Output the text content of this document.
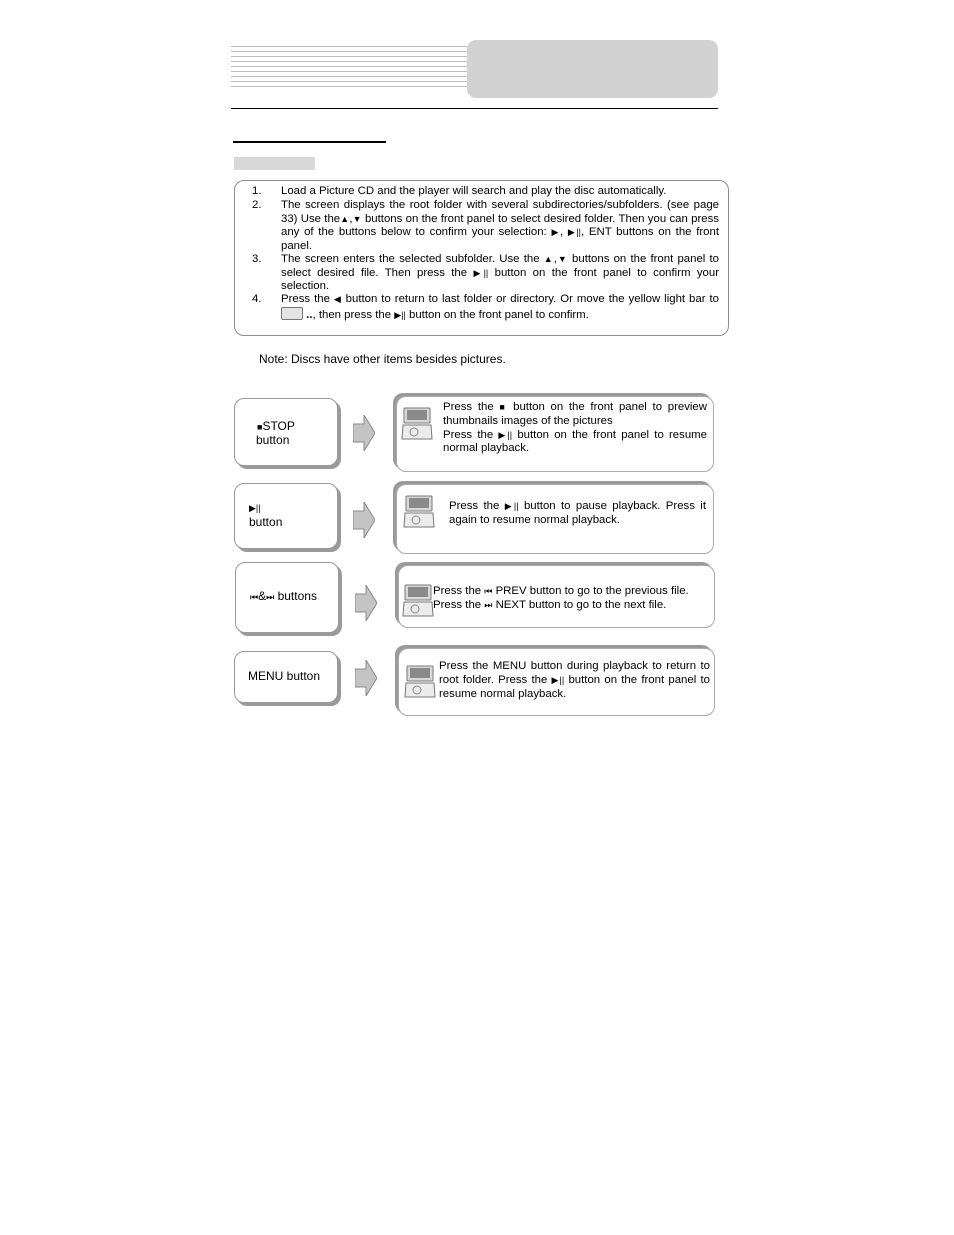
1.	Load a Picture CD and the player will search and play the disc automatically.
2.	The screen displays the root folder with several subdirectories/subfolders. (see page 33) Use the▲,▼ buttons on the front panel to select desired folder. Then you can press any of the buttons below to confirm your selection: ▶, ▶||, ENT buttons on the front panel.
3.	The screen enters the selected subfolder. Use the ▲,▼ buttons on the front panel to select desired file. Then press the ▶|| button on the front panel to confirm your selection.
4.	Press the ◀ button to return to last folder or directory. Or move the yellow light bar to .., then press the ▶|| button on the front panel to confirm.
Note: Discs have other items besides pictures.
■STOP
button
Press the ■ button on the front panel to preview thumbnails images of the pictures
Press the ▶|| button on the front panel to resume normal playback.
▶||
button
Press the ▶|| button to pause playback. Press it again to resume normal playback.
⏮&⏭ buttons	Press the ⏮ PREV button to go to the previous file.
Press the ⏭ NEXT button to go to the next file.
MENU button
Press the MENU button during playback to return to root folder. Press the ▶|| button on the front panel to resume normal playback.
